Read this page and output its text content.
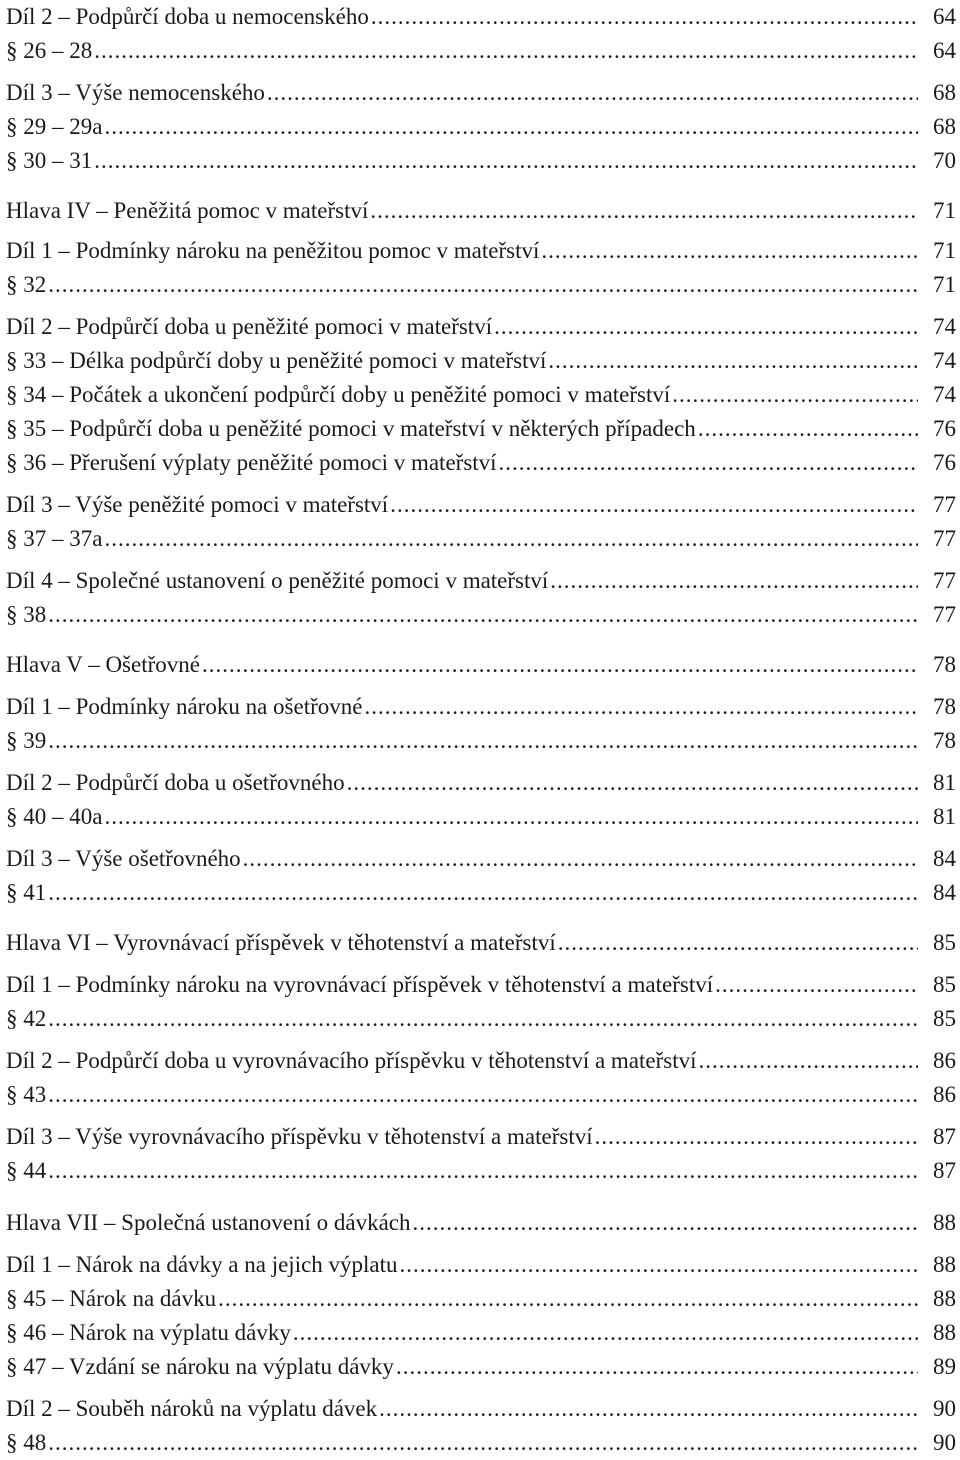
Díl 2 – Podpůrčí doba u nemocenského .....	64
§ 26 – 28 .....	64
Díl 3 – Výše nemocenského .....	68
§ 29 – 29a .....	68
§ 30 – 31 .....	70
Hlava IV – Peněžitá pomoc v mateřství .....	71
Díl 1 – Podmínky nároku na peněžitou pomoc v mateřství .....	71
§ 32 .....	71
Díl 2 – Podpůrčí doba u peněžité pomoci v mateřství .....	74
§ 33 – Délka podpůrčí doby u peněžité pomoci v mateřství .....	74
§ 34 – Počátek a ukončení podpůrčí doby u peněžité pomoci v mateřství .....	74
§ 35 – Podpůrčí doba u peněžité pomoci v mateřství v některých případech .....	76
§ 36 – Přerušení výplaty peněžité pomoci v mateřství .....	76
Díl 3 – Výše peněžité pomoci v mateřství .....	77
§ 37 – 37a .....	77
Díl 4 – Společné ustanovení o peněžité pomoci v mateřství .....	77
§ 38 .....	77
Hlava V – Ošetřovné .....	78
Díl 1 – Podmínky nároku na ošetřovné .....	78
§ 39 .....	78
Díl 2 – Podpůrčí doba u ošetřovného .....	81
§ 40 – 40a .....	81
Díl 3 – Výše ošetřovného .....	84
§ 41 .....	84
Hlava VI – Vyrovnávací příspěvek v těhotenství a mateřství .....	85
Díl 1 – Podmínky nároku na vyrovnávací příspěvek v těhotenství a mateřství .....	85
§ 42 .....	85
Díl 2 – Podpůrčí doba u vyrovnávacího příspěvku v těhotenství a mateřství .....	86
§ 43 .....	86
Díl 3 – Výše vyrovnávacího příspěvku v těhotenství a mateřství .....	87
§ 44 .....	87
Hlava VII – Společná ustanovení o dávkách .....	88
Díl 1 – Nárok na dávky a na jejich výplatu .....	88
§ 45 – Nárok na dávku .....	88
§ 46 – Nárok na výplatu dávky .....	88
§ 47 – Vzdání se nároku na výplatu dávky .....	89
Díl 2 – Souběh nároků na výplatu dávek .....	90
§ 48 .....	90
